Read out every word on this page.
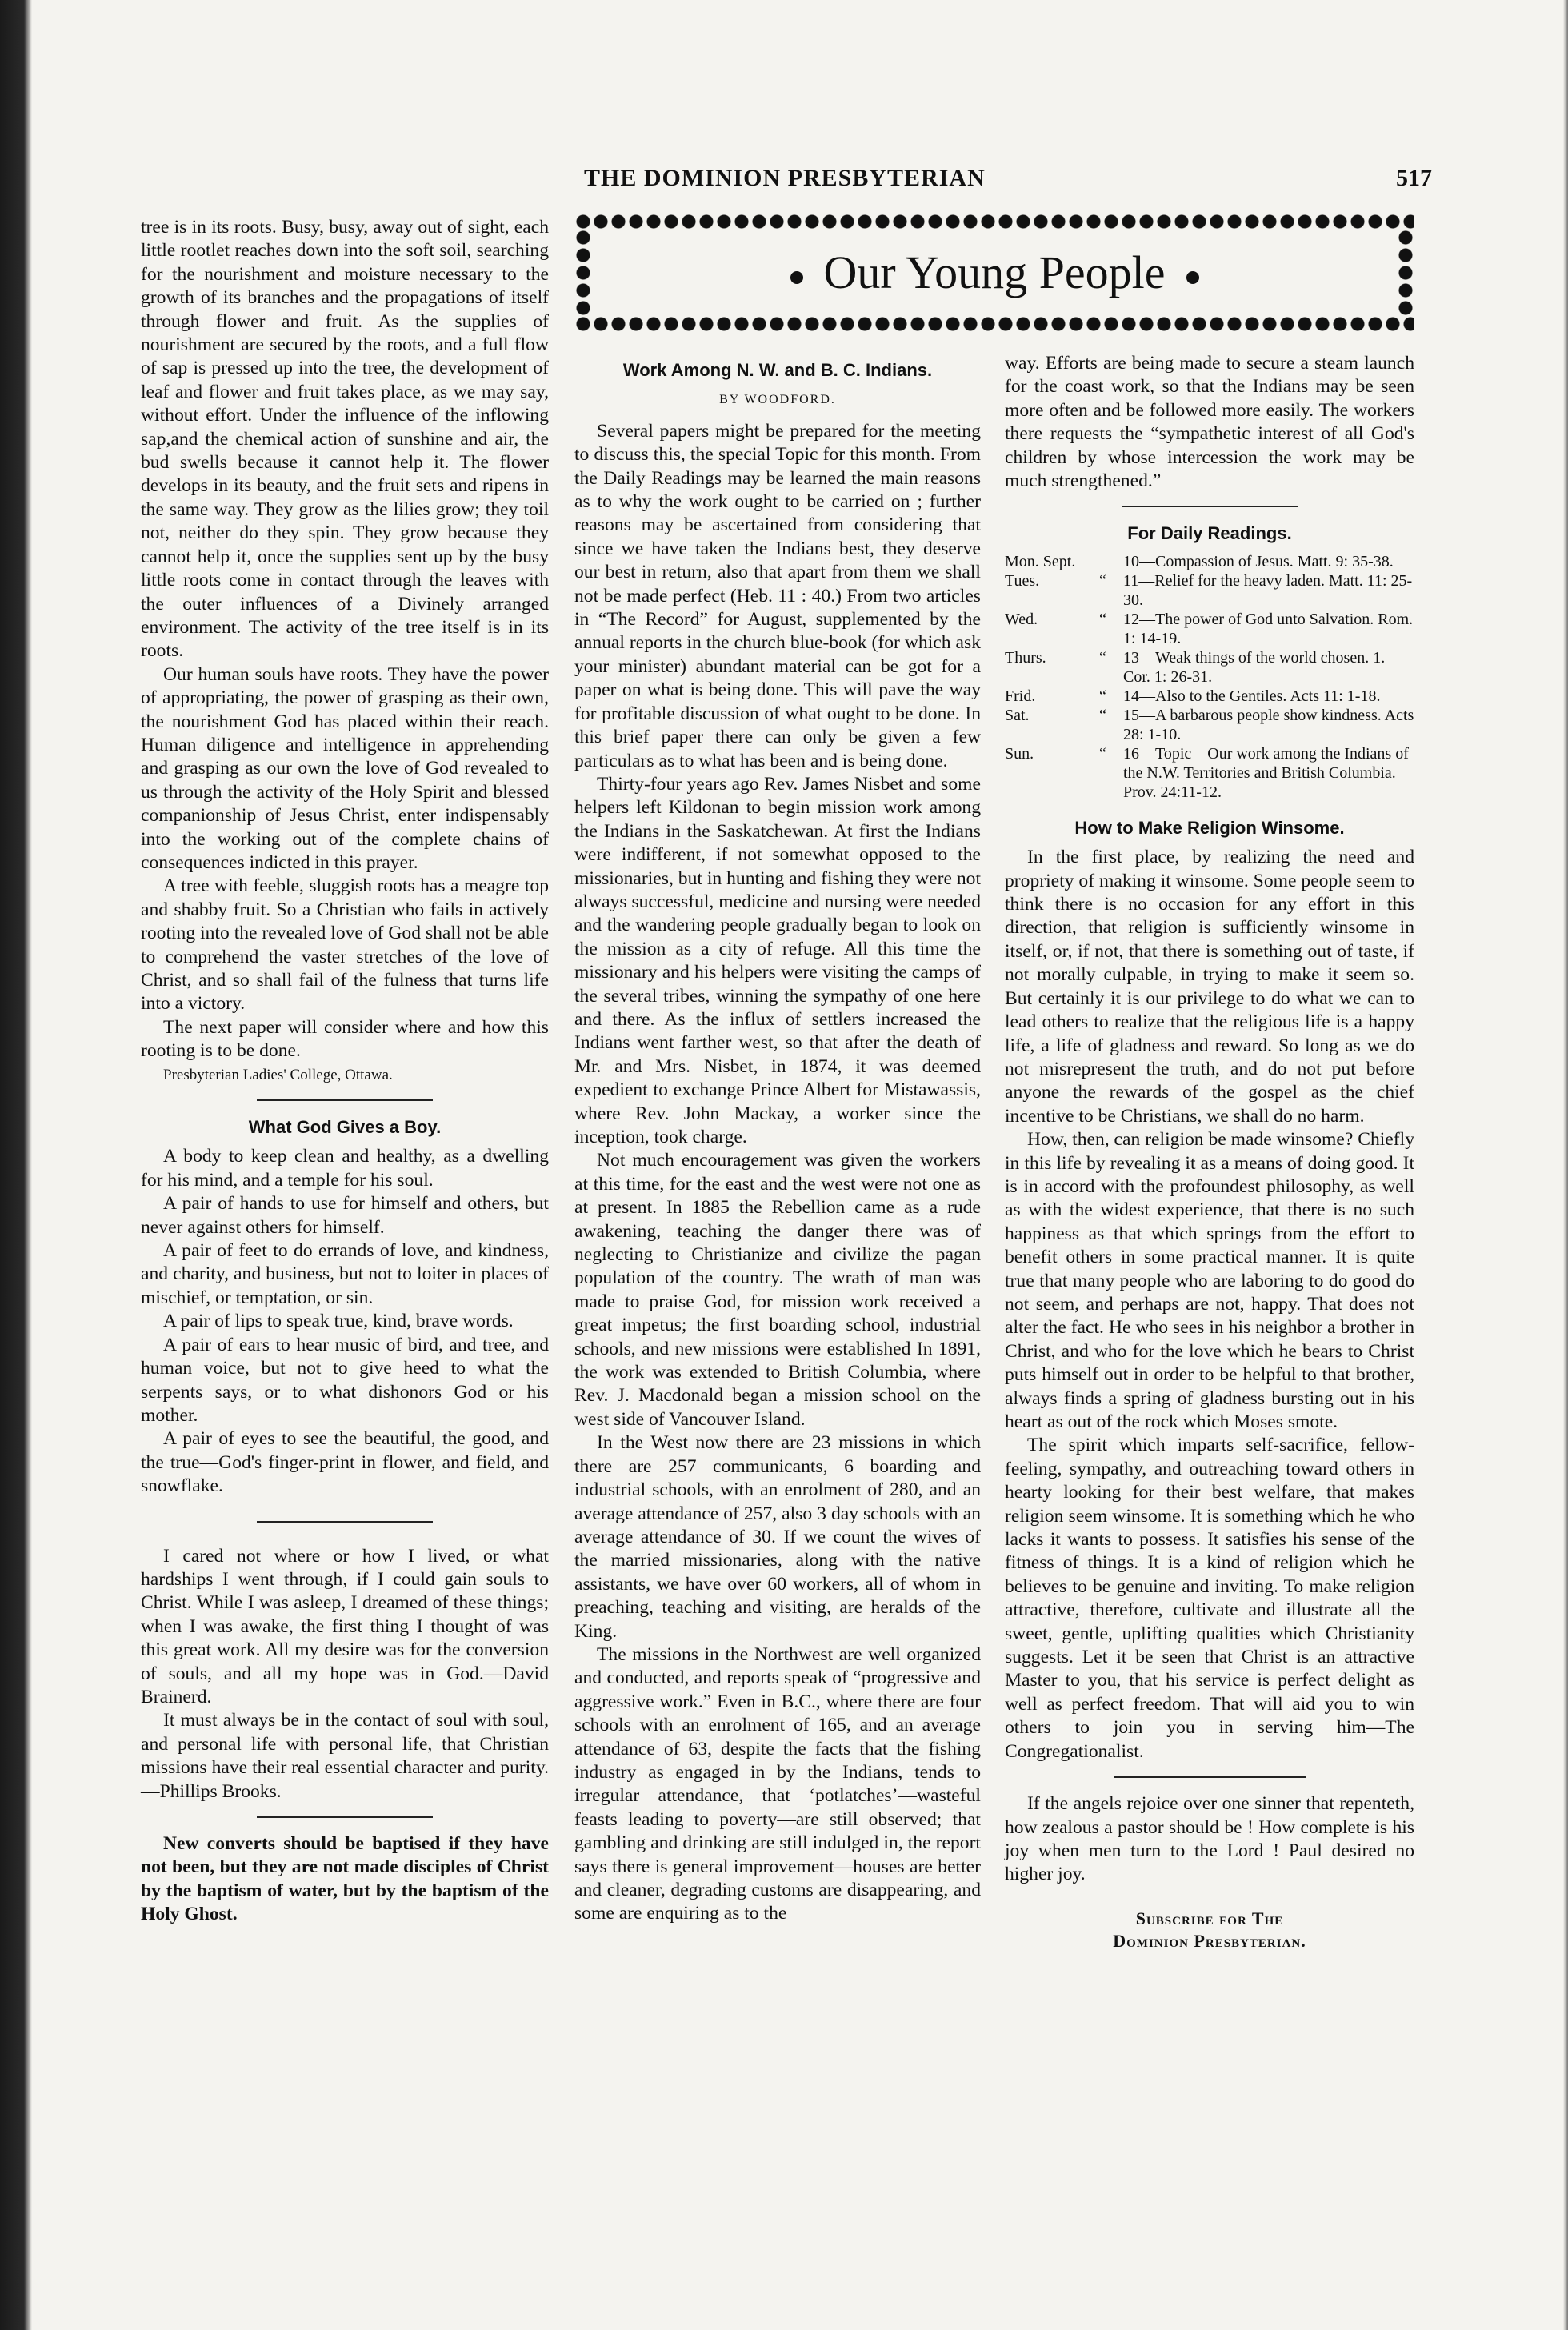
THE DOMINION PRESBYTERIAN	517
Our Young People

tree is in its roots. Busy, busy, away out of sight, each little rootlet reaches down into the soft soil, searching for the nourishment and moisture necessary to the growth of its branches and the propagations of itself through flower and fruit. As the supplies of nourishment are secured by the roots, and a full flow of sap is pressed up into the tree, the development of leaf and flower and fruit takes place, as we may say, without effort. Under the influence of the inflowing sap,and the chemical action of sunshine and air, the bud swells because it cannot help it. The flower develops in its beauty, and the fruit sets and ripens in the same way. They grow as the lilies grow; they toil not, neither do they spin. They grow because they cannot help it, once the supplies sent up by the busy little roots come in contact through the leaves with the outer influences of a Divinely arranged environment. The activity of the tree itself is in its roots.

Our human souls have roots. They have the power of appropriating, the power of grasping as their own, the nourishment God has placed within their reach. Human diligence and intelligence in apprehending and grasping as our own the love of God revealed to us through the activity of the Holy Spirit and blessed companionship of Jesus Christ, enter indispensably into the working out of the complete chains of consequences indicted in this prayer.

A tree with feeble, sluggish roots has a meagre top and shabby fruit. So a Christian who fails in actively rooting into the revealed love of God shall not be able to comprehend the vaster stretches of the love of Christ, and so shall fail of the fulness that turns life into a victory.

The next paper will consider where and how this rooting is to be done.

Presbyterian Ladies' College, Ottawa.

What God Gives a Boy.

A body to keep clean and healthy, as a dwelling for his mind, and a temple for his soul.

A pair of hands to use for himself and others, but never against others for himself.

A pair of feet to do errands of love, and kindness, and charity, and business, but not to loiter in places of mischief, or temptation, or sin.

A pair of lips to speak true, kind, brave words.

A pair of ears to hear music of bird, and tree, and human voice, but not to give heed to what the serpents says, or to what dishonors God or his mother.

A pair of eyes to see the beautiful, the good, and the true—God's finger-print in flower, and field, and snowflake.

I cared not where or how I lived, or what hardships I went through, if I could gain souls to Christ. While I was asleep, I dreamed of these things; when I was awake, the first thing I thought of was this great work. All my desire was for the conversion of souls, and all my hope was in God.—David Brainerd.

It must always be in the contact of soul with soul, and personal life with personal life, that Christian missions have their real essential character and purity.—Phillips Brooks.

New converts should be baptised if they have not been, but they are not made disciples of Christ by the baptism of water, but by the baptism of the Holy Ghost.

Work Among N. W. and B. C. Indians.
BY WOODFORD.

Several papers might be prepared for the meeting to discuss this, the special Topic for this month. From the Daily Readings may be learned the main reasons as to why the work ought to be carried on ; further reasons may be ascertained from considering that since we have taken the Indians best, they deserve our best in return, also that apart from them we shall not be made perfect (Heb. 11 : 40.) From two articles in “The Record” for August, supplemented by the annual reports in the church blue-book (for which ask your minister) abundant material can be got for a paper on what is being done. This will pave the way for profitable discussion of what ought to be done. In this brief paper there can only be given a few particulars as to what has been and is being done.

Thirty-four years ago Rev. James Nisbet and some helpers left Kildonan to begin mission work among the Indians in the Saskatchewan. At first the Indians were indifferent, if not somewhat opposed to the missionaries, but in hunting and fishing they were not always successful, medicine and nursing were needed and the wandering people gradually began to look on the mission as a city of refuge. All this time the missionary and his helpers were visiting the camps of the several tribes, winning the sympathy of one here and there. As the influx of settlers increased the Indians went farther west, so that after the death of Mr. and Mrs. Nisbet, in 1874, it was deemed expedient to exchange Prince Albert for Mistawassis, where Rev. John Mackay, a worker since the inception, took charge.

Not much encouragement was given the workers at this time, for the east and the west were not one as at present. In 1885 the Rebellion came as a rude awakening, teaching the danger there was of neglecting to Christianize and civilize the pagan population of the country. The wrath of man was made to praise God, for mission work received a great impetus; the first boarding school, industrial schools, and new missions were established In 1891, the work was extended to British Columbia, where Rev. J. Macdonald began a mission school on the west side of Vancouver Island.

In the West now there are 23 missions in which there are 257 communicants, 6 boarding and industrial schools, with an enrolment of 280, and an average attendance of 257, also 3 day schools with an average attendance of 30. If we count the wives of the married missionaries, along with the native assistants, we have over 60 workers, all of whom in preaching, teaching and visiting, are heralds of the King.

The missions in the Northwest are well organized and conducted, and reports speak of “progressive and aggressive work.” Even in B.C., where there are four schools with an enrolment of 165, and an average attendance of 63, despite the facts that the fishing industry as engaged in by the Indians, tends to irregular attendance, that ‘potlatches’—wasteful feasts leading to poverty—are still observed; that gambling and drinking are still indulged in, the report says there is general improvement—houses are better and cleaner, degrading customs are disappearing, and some are enquiring as to the

way. Efforts are being made to secure a steam launch for the coast work, so that the Indians may be seen more often and be followed more easily. The workers there requests the “sympathetic interest of all God's children by whose intercession the work may be much strengthened.”

For Daily Readings.
Mon. Sept.	10—Compassion of Jesus. Matt. 9: 35-38.
Tues.	“	11—Relief for the heavy laden. Matt. 11: 25-30.
Wed.	“	12—The power of God unto Salvation. Rom. 1: 14-19.
Thurs.	“	13—Weak things of the world chosen. 1. Cor. 1: 26-31.
Frid.	“	14—Also to the Gentiles. Acts 11: 1-18.
Sat.	“	15—A barbarous people show kindness. Acts 28: 1-10.
Sun.	“	16—Topic—Our work among the Indians of the N.W. Territories and British Columbia. Prov. 24:11-12.
How to Make Religion Winsome.

In the first place, by realizing the need and propriety of making it winsome. Some people seem to think there is no occasion for any effort in this direction, that religion is sufficiently winsome in itself, or, if not, that there is something out of taste, if not morally culpable, in trying to make it seem so. But certainly it is our privilege to do what we can to lead others to realize that the religious life is a happy life, a life of gladness and reward. So long as we do not misrepresent the truth, and do not put before anyone the rewards of the gospel as the chief incentive to be Christians, we shall do no harm.

How, then, can religion be made winsome? Chiefly in this life by revealing it as a means of doing good. It is in accord with the profoundest philosophy, as well as with the widest experience, that there is no such happiness as that which springs from the effort to benefit others in some practical manner. It is quite true that many people who are laboring to do good do not seem, and perhaps are not, happy. That does not alter the fact. He who sees in his neighbor a brother in Christ, and who for the love which he bears to Christ puts himself out in order to be helpful to that brother, always finds a spring of gladness bursting out in his heart as out of the rock which Moses smote.

The spirit which imparts self-sacrifice, fellow-feeling, sympathy, and outreaching toward others in hearty looking for their best welfare, that makes religion seem winsome. It is something which he who lacks it wants to possess. It satisfies his sense of the fitness of things. It is a kind of religion which he believes to be genuine and inviting. To make religion attractive, therefore, cultivate and illustrate all the sweet, gentle, uplifting qualities which Christianity suggests. Let it be seen that Christ is an attractive Master to you, that his service is perfect delight as well as perfect freedom. That will aid you to win others to join you in serving him—The Congregationalist.

If the angels rejoice over one sinner that repenteth, how zealous a pastor should be ! How complete is his joy when men turn to the Lord ! Paul desired no higher joy.

Subscribe for The
Dominion Presbyterian.
